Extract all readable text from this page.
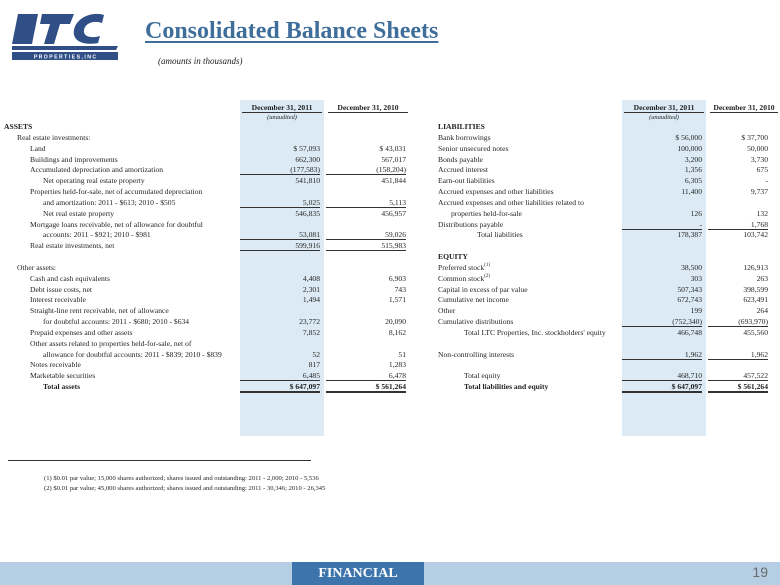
P R O P E R T I E S , I N C
Consolidated Balance Sheets
(amounts in thousands)
December 31, 2011	December 31, 2010
(unaudited)
December 31, 2011	December 31, 2010
(unaudited)
ASSETS
Real estate investments:
Land	$ 57,093	$ 43,031
Buildings and improvements	662,300	567,017
Accumulated depreciation and amortization	(177,583)	(158,204)
Net operating real estate property	541,810	451,844
Properties held-for-sale, net of accumulated depreciation
and amortization: 2011 - $613; 2010 - $505	5,025	5,113
Net real estate property	546,835	456,957
Mortgage loans receivable, net of allowance for doubtful
accounts: 2011 - $921; 2010 - $981	53,081	59,026
Real estate investments, net	599,916	515,983
Other assets:
Cash and cash equivalents	4,408	6,903
Debt issue costs, net	2,301	743
Interest receivable	1,494	1,571
Straight-line rent receivable, net of allowance
for doubtful accounts: 2011 - $680; 2010 - $634	23,772	20,090
Prepaid expenses and other assets	7,852	8,162
Other assets related to properties held-for-sale, net of
allowance for doubtful accounts: 2011 - $839; 2010 - $839	52	51
Notes receivable	817	1,283
Marketable securities	6,485	6,478
Total assets	$ 647,097	$ 561,264
LIABILITIES
Bank borrowings	$ 56,000	$ 37,700
Senior unsecured notes	100,000	50,000
Bonds payable	3,200	3,730
Accrued interest	1,356	675
Earn-out liabilities	6,305	-
Accrued expenses and other liabilities	11,400	9,737
Accrued expenses and other liabilities related to
properties held-for-sale	126	132
Distributions payable	-	1,768
Total liabilities	178,387	103,742
EQUITY
Preferred stock$^{(1)}$	38,500	126,913
Common stock$^{(2)}$	303	263
Capital in excess of par value	507,343	398,599
Cumulative net income	672,743	623,491
Other	199	264
Cumulative distributions	(752,340)	(693,970)
Total LTC Properties, Inc. stockholders' equity	466,748	455,560
Non-controlling interests	1,962	1,962
Total equity	468,710	457,522
Total liabilities and equity	$ 647,097	$ 561,264
(1) $0.01 par value; 15,000 shares authorized; shares issued and outstanding: 2011 - 2,000; 2010 - 5,536
(2) $0.01 par value; 45,000 shares authorized; shares issued and outstanding: 2011 - 30,346; 2010 - 26,345
FINANCIAL	19
